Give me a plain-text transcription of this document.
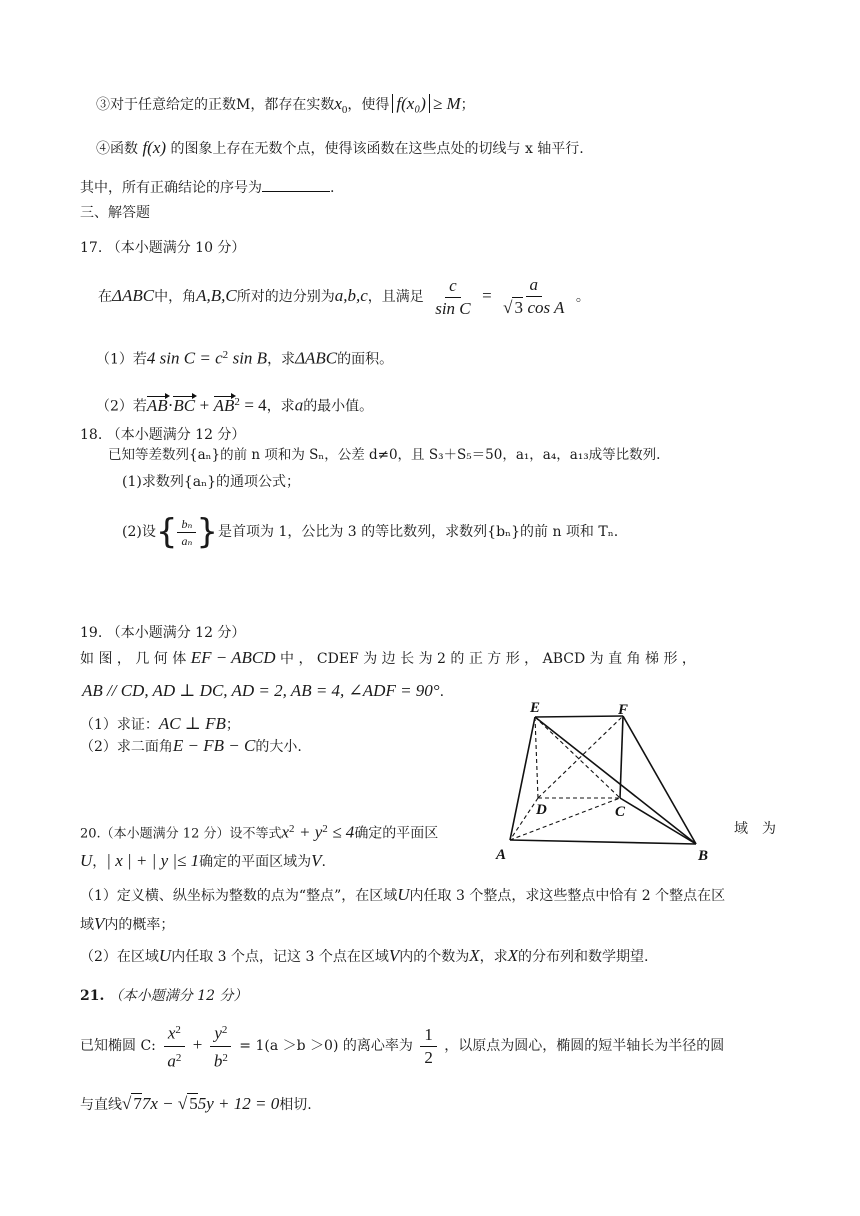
③对于任意给定的正数M，都存在实数$x_0$，使得 f(x₀) ≥ M；
④函数 f(x) 的图象上存在无数个点，使得该函数在这些点处的切线与 x 轴平行.
其中，所有正确结论的序号为	.
三、解答题
17. （本小题满分 10 分）
在ΔABC中，角A,B,C所对的边分别为a,b,c，且满足 $\frac{c}{\text{sin C}} = \frac{a}{\text{√ 3 cos A}}$ 。
（1）若4 $\sin C = c^2$ sin B，求ΔABC的面积。
（2）若$AB\cdot BC + AB^2 = 4$，求a的最小值。
18. （本小题满分 12 分）
已知等差数列{aₙ}的前 n 项和为 Sₙ，公差 d≠0，且 S₃＋S₅＝50，a₁，a₄，a₁₃成等比数列.
(1)求数列{aₙ}的通项公式；
(2)设{ $\frac{\text{bₙ}}{\text{aₙ}}$ }是首项为 1，公比为 3 的等比数列，求数列{bₙ}的前 n 项和 Tₙ.
19. （本小题满分 12 分）
如 图 ， 几 何 体 EF − ABCD 中 ， CDEF 为 边 长 为 2 的 正 方 形 ， ABCD 为 直 角 梯 形 ，
AB // CD, AD ⊥ DC, AD = 2, AB = 4, ∠ADF = 90°.
（1）求证：AC ⊥ FB；
（2）求二面角E − FB − C的大小.
E	F
D	C
A	B
20.（本小题满分 12 分）设不等式$x^2 + y^2 \le 4$确定的平面区	域　为
U，| x | + | y |≤ 1确定的平面区域为V.
（1）定义横、纵坐标为整数的点为“整点”，在区域U内任取 3 个整点，求这些整点中恰有 2 个整点在区
域V内的概率；
（2）在区域U内任取 3 个点，记这 3 个点在区域V内的个数为X，求X的分布列和数学期望.
21. （本小题满分 12 分）
已知椭圆 C: $\frac{x^2}{a^2} + \frac{y^2}{b^2} = 1(a >b >0)$ 的离心率为 $\frac{1}{2}$ ，以原点为圆心，椭圆的短半轴长为半径的圆
与直线√ 77x − √ 55y + 12 = 0相切.
